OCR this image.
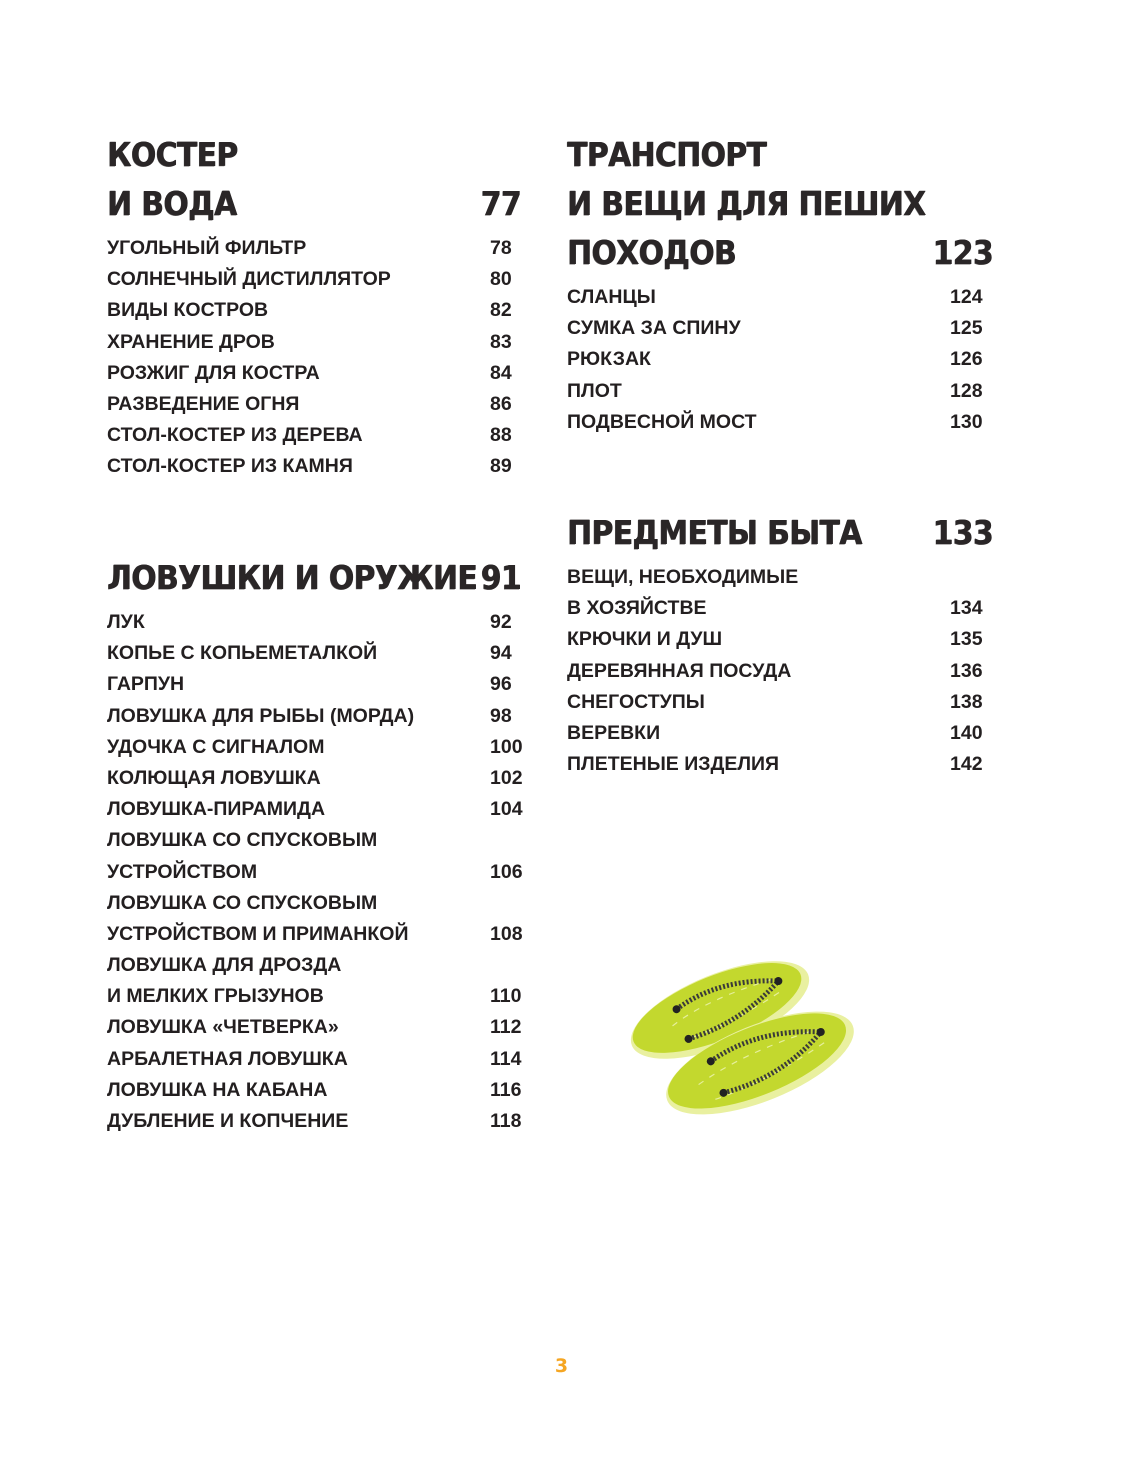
КОСТЕР
И ВОДА	77
УГОЛЬНЫЙ ФИЛЬТР	78
СОЛНЕЧНЫЙ ДИСТИЛЛЯТОР	80
ВИДЫ КОСТРОВ	82
ХРАНЕНИЕ ДРОВ	83
РОЗЖИГ ДЛЯ КОСТРА	84
РАЗВЕДЕНИЕ ОГНЯ	86
СТОЛ-КОСТЕР ИЗ ДЕРЕВА	88
СТОЛ-КОСТЕР ИЗ КАМНЯ	89
ЛОВУШКИ И ОРУЖИЕ 91
ЛУК	92
КОПЬЕ С КОПЬЕМЕТАЛКОЙ	94
ГАРПУН	96
ЛОВУШКА ДЛЯ РЫБЫ (МОРДА)	98
УДОЧКА С СИГНАЛОМ	100
КОЛЮЩАЯ ЛОВУШКА	102
ЛОВУШКА-ПИРАМИДА	104
ЛОВУШКА СО СПУСКОВЫМ
УСТРОЙСТВОМ	106
ЛОВУШКА СО СПУСКОВЫМ
УСТРОЙСТВОМ И ПРИМАНКОЙ	108
ЛОВУШКА ДЛЯ ДРОЗДА
И МЕЛКИХ ГРЫЗУНОВ	110
ЛОВУШКА «ЧЕТВЕРКА»	112
АРБАЛЕТНАЯ ЛОВУШКА	114
ЛОВУШКА НА КАБАНА	116
ДУБЛЕНИЕ И КОПЧЕНИЕ	118
ТРАНСПОРТ
И ВЕЩИ ДЛЯ ПЕШИХ
ПОХОДОВ	123
СЛАНЦЫ	124
СУМКА ЗА СПИНУ	125
РЮКЗАК	126
ПЛОТ	128
ПОДВЕСНОЙ МОСТ	130
ПРЕДМЕТЫ БЫТА 133
ВЕЩИ, НЕОБХОДИМЫЕ
В ХОЗЯЙСТВЕ	134
КРЮЧКИ И ДУШ	135
ДЕРЕВЯННАЯ ПОСУДА	136
СНЕГОСТУПЫ	138
ВЕРЕВКИ	140
ПЛЕТЕНЫЕ ИЗДЕЛИЯ	142
3
